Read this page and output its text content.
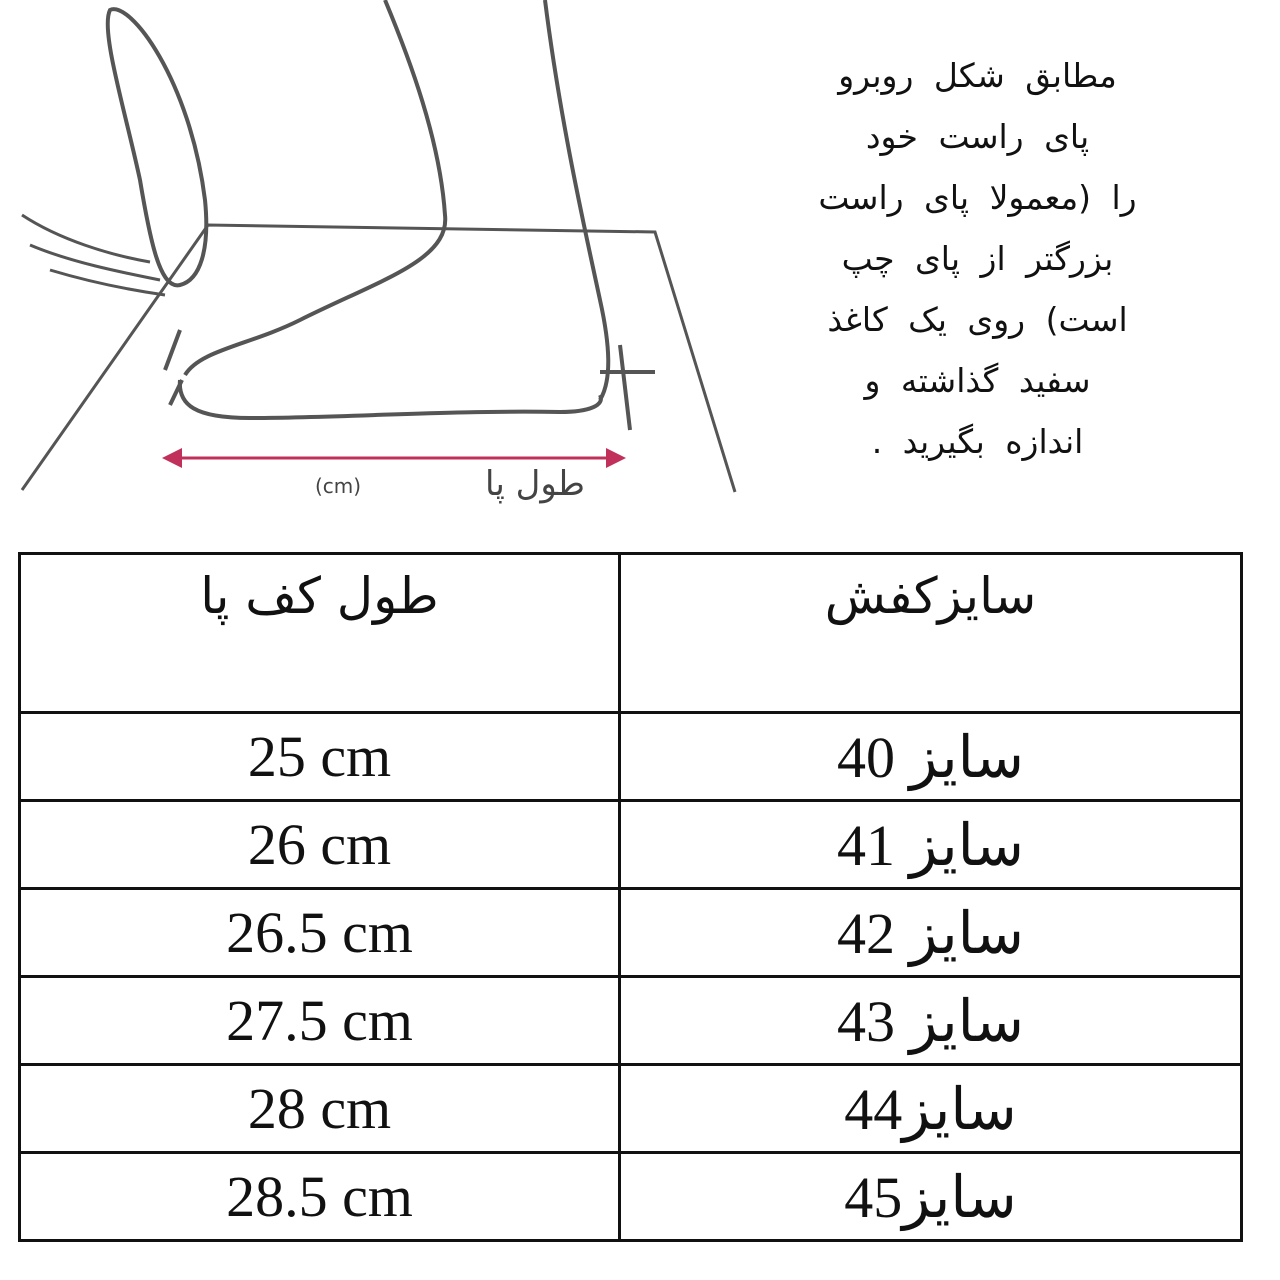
طول پا
(cm)
مطابق شکل روبرو
پای راست خود
را (معمولا پای راست
بزرگتر از پای چپ
است) روی یک کاغذ
سفید گذاشته و
اندازه بگیرید .
طول کف پا	سایزکفش
25 cm	سایز 40
26 cm	سایز 41
26.5 cm	سایز 42
27.5 cm	سایز 43
28 cm	سایز44
28.5 cm	سایز45
